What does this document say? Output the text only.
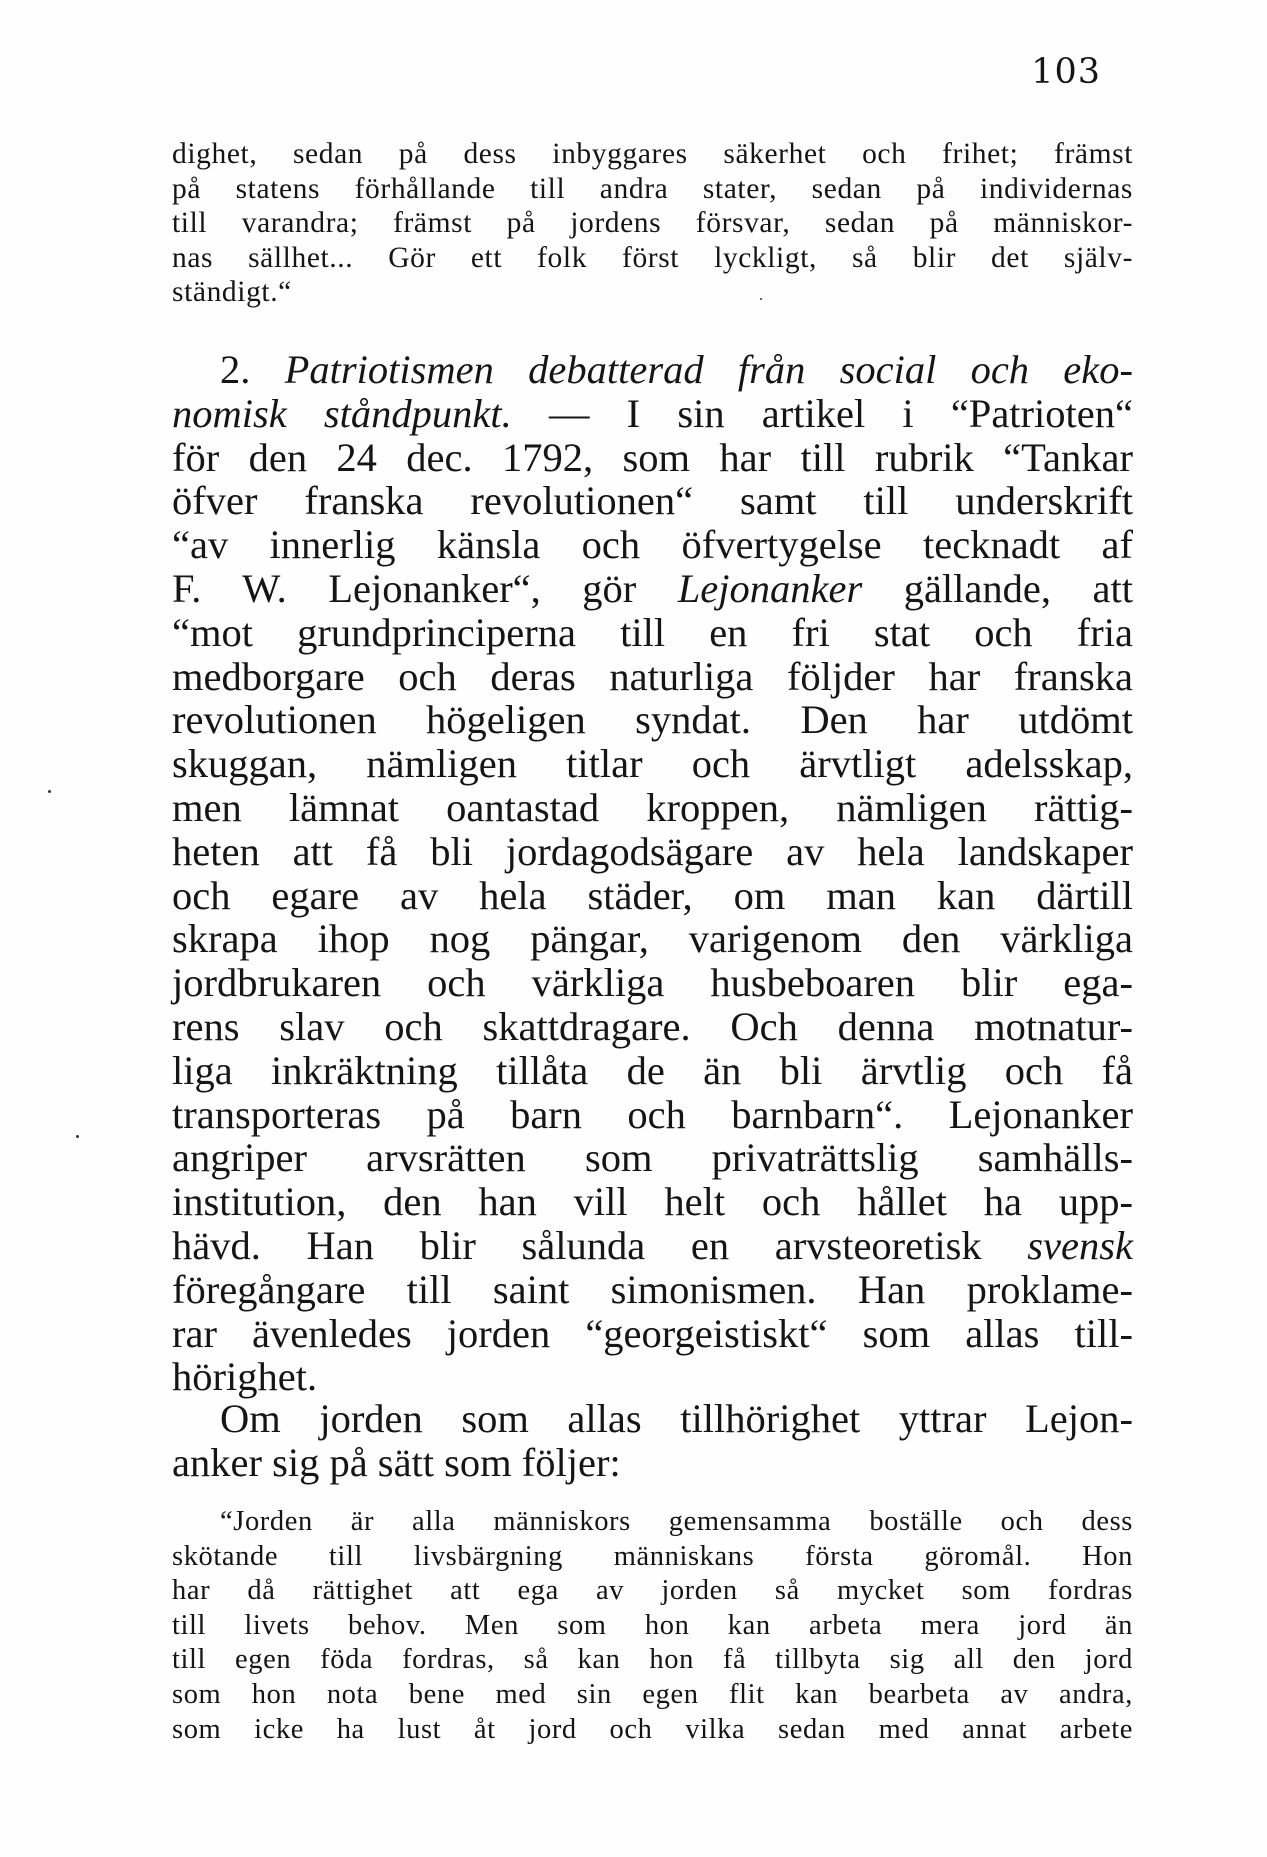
103

dighet, sedan på dess inbyggares säkerhet och frihet; främst
på statens förhållande till andra stater, sedan på individernas
till varandra; främst på jordens försvar, sedan på människor-
nas sällhet... Gör ett folk först lyckligt, så blir det själv-
ständigt.“
2. Patriotismen debatterad från social och eko-
nomisk ståndpunkt. — I sin artikel i “Patrioten“
för den 24 dec. 1792, som har till rubrik “Tankar
öfver franska revolutionen“ samt till underskrift
“av innerlig känsla och öfvertygelse tecknadt af
F. W. Lejonanker“, gör Lejonanker gällande, att
“mot grundprinciperna till en fri stat och fria
medborgare och deras naturliga följder har franska
revolutionen högeligen syndat. Den har utdömt
skuggan, nämligen titlar och ärvtligt adelsskap,
men lämnat oantastad kroppen, nämligen rättig-
heten att få bli jordagodsägare av hela landskaper
och egare av hela städer, om man kan därtill
skrapa ihop nog pängar, varigenom den värkliga
jordbrukaren och värkliga husbeboaren blir ega-
rens slav och skattdragare. Och denna motnatur-
liga inkräktning tillåta de än bli ärvtlig och få
transporteras på barn och barnbarn“. Lejonanker
angriper arvsrätten som privaträttslig samhälls-
institution, den han vill helt och hållet ha upp-
hävd. Han blir sålunda en arvsteoretisk svensk
föregångare till saint simonismen. Han proklame-
rar ävenledes jorden “georgeistiskt“ som allas till-
hörighet.
Om jorden som allas tillhörighet yttrar Lejon-
anker sig på sätt som följer:
“Jorden är alla människors gemensamma boställe och dess
skötande till livsbärgning människans första göromål. Hon
har då rättighet att ega av jorden så mycket som fordras
till livets behov. Men som hon kan arbeta mera jord än
till egen föda fordras, så kan hon få tillbyta sig all den jord
som hon nota bene med sin egen flit kan bearbeta av andra,
som icke ha lust åt jord och vilka sedan med annat arbete
